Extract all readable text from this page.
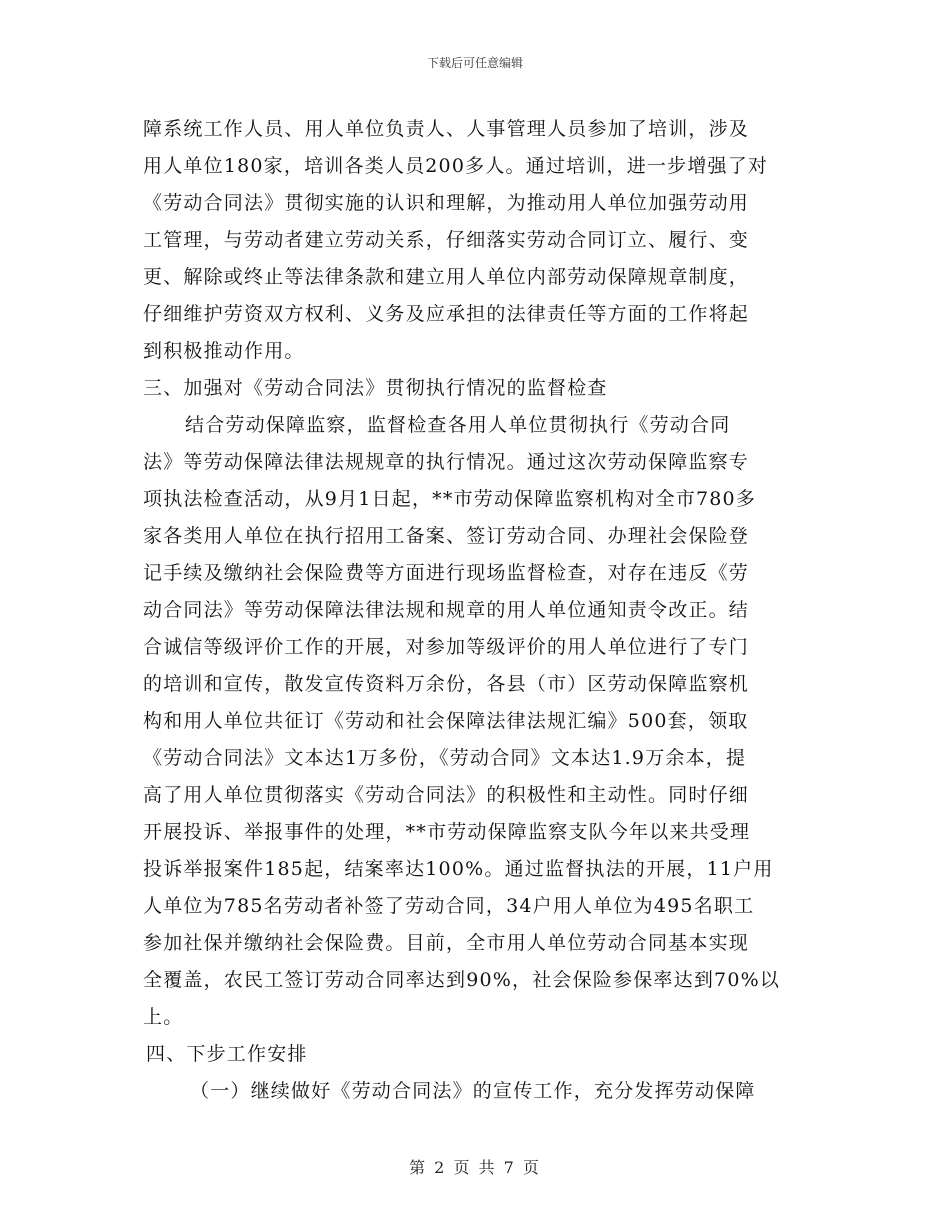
下载后可任意编辑
障系统工作人员、用人单位负责人、人事管理人员参加了培训，涉及
用人单位180家，培训各类人员200多人。通过培训，进一步增强了对
《劳动合同法》贯彻实施的认识和理解，为推动用人单位加强劳动用
工管理，与劳动者建立劳动关系，仔细落实劳动合同订立、履行、变
更、解除或终止等法律条款和建立用人单位内部劳动保障规章制度，
仔细维护劳资双方权利、义务及应承担的法律责任等方面的工作将起
到积极推动作用。
三、加强对《劳动合同法》贯彻执行情况的监督检查
结合劳动保障监察，监督检查各用人单位贯彻执行《劳动合同
法》等劳动保障法律法规规章的执行情况。通过这次劳动保障监察专
项执法检查活动，从9月1日起，**市劳动保障监察机构对全市780多
家各类用人单位在执行招用工备案、签订劳动合同、办理社会保险登
记手续及缴纳社会保险费等方面进行现场监督检查，对存在违反《劳
动合同法》等劳动保障法律法规和规章的用人单位通知责令改正。结
合诚信等级评价工作的开展，对参加等级评价的用人单位进行了专门
的培训和宣传，散发宣传资料万余份，各县（市）区劳动保障监察机
构和用人单位共征订《劳动和社会保障法律法规汇编》500套，领取
《劳动合同法》文本达1万多份，《劳动合同》文本达1.9万余本，提
高了用人单位贯彻落实《劳动合同法》的积极性和主动性。同时仔细
开展投诉、举报事件的处理，**市劳动保障监察支队今年以来共受理
投诉举报案件185起，结案率达100%。通过监督执法的开展，11户用
人单位为785名劳动者补签了劳动合同，34户用人单位为495名职工
参加社保并缴纳社会保险费。目前，全市用人单位劳动合同基本实现
全覆盖，农民工签订劳动合同率达到90%，社会保险参保率达到70%以
上。
四、下步工作安排
（一）继续做好《劳动合同法》的宣传工作，充分发挥劳动保障
第 2 页 共 7 页
